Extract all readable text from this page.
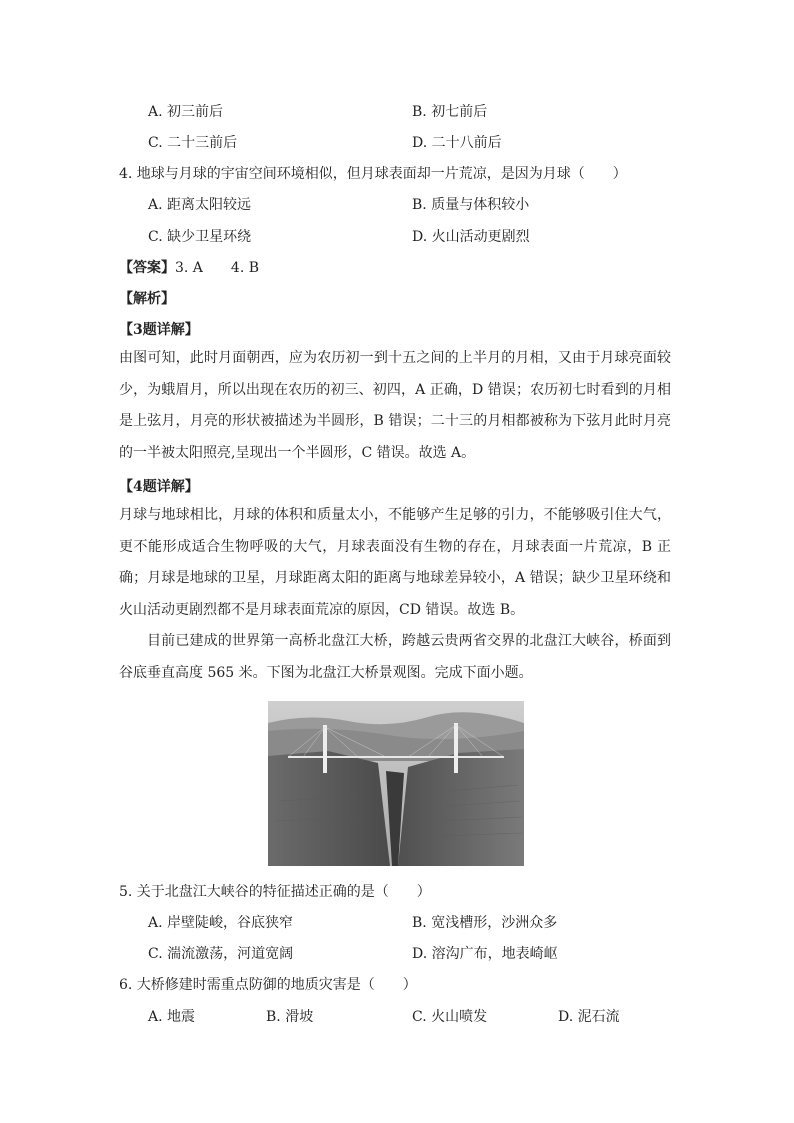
A. 初三前后	B. 初七前后
C. 二十三前后	D. 二十八前后
4. 地球与月球的宇宙空间环境相似，但月球表面却一片荒凉，是因为月球（　　）
A. 距离太阳较远	B. 质量与体积较小
C. 缺少卫星环绕	D. 火山活动更剧烈
【答案】3. A　　4. B
【解析】
【3题详解】
由图可知，此时月面朝西，应为农历初一到十五之间的上半月的月相，又由于月球亮面较少，为蛾眉月，所以出现在农历的初三、初四，A 正确，D 错误；农历初七时看到的月相是上弦月，月亮的形状被描述为半圆形，B 错误；二十三的月相都被称为下弦月此时月亮的一半被太阳照亮,呈现出一个半圆形，C 错误。故选 A。
【4题详解】
月球与地球相比，月球的体积和质量太小，不能够产生足够的引力，不能够吸引住大气，更不能形成适合生物呼吸的大气，月球表面没有生物的存在，月球表面一片荒凉，B 正确；月球是地球的卫星，月球距离太阳的距离与地球差异较小，A 错误；缺少卫星环绕和火山活动更剧烈都不是月球表面荒凉的原因，CD 错误。故选 B。
目前已建成的世界第一高桥北盘江大桥，跨越云贵两省交界的北盘江大峡谷，桥面到谷底垂直高度 565 米。下图为北盘江大桥景观图。完成下面小题。
5. 关于北盘江大峡谷的特征描述正确的是（　　）
A. 岸壁陡峻，谷底狭窄	B. 宽浅槽形，沙洲众多
C. 湍流激荡，河道宽阔	D. 溶沟广布，地表崎岖
6. 大桥修建时需重点防御的地质灾害是（　　）
A. 地震	B. 滑坡	C. 火山喷发	D. 泥石流
